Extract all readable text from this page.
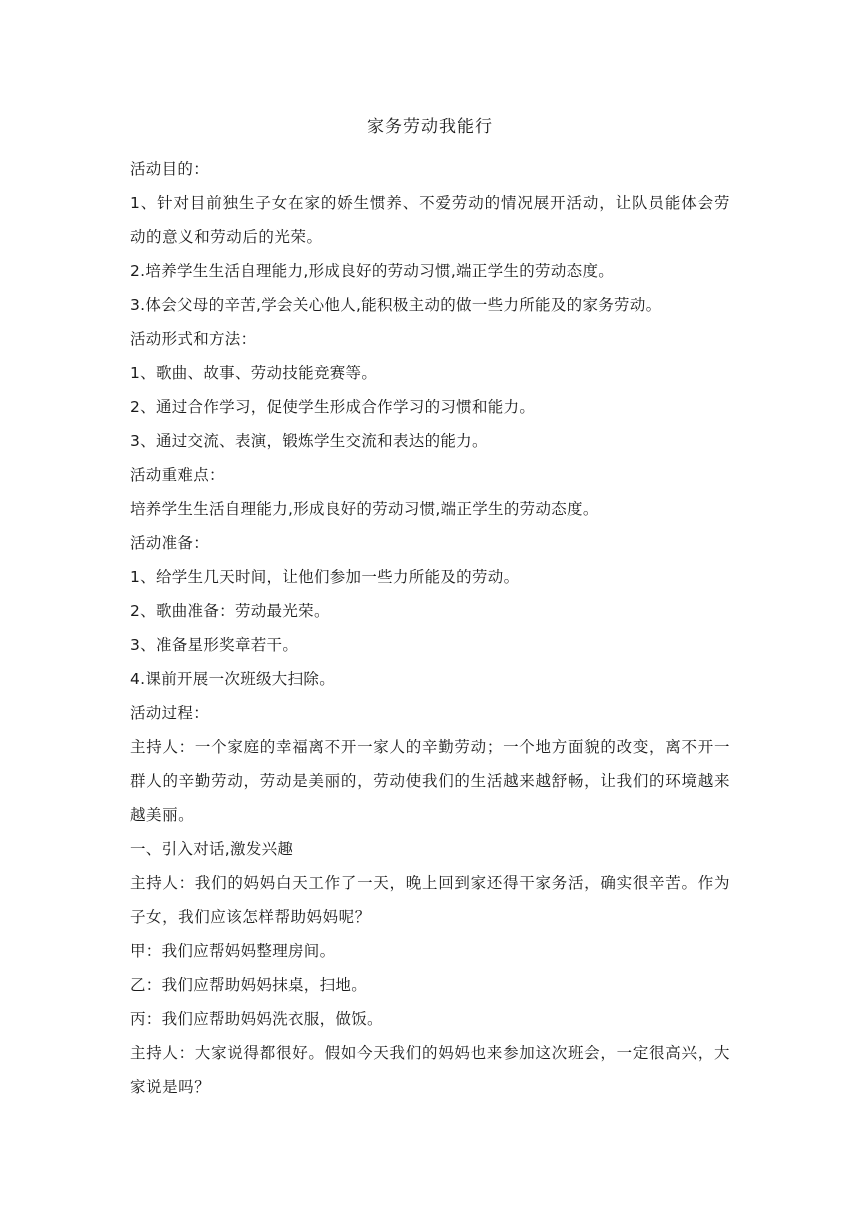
家务劳动我能行

活动目的：

1、针对目前独生子女在家的娇生惯养、不爱劳动的情况展开活动，让队员能体会劳动的意义和劳动后的光荣。

2.培养学生生活自理能力,形成良好的劳动习惯,端正学生的劳动态度。

3.体会父母的辛苦,学会关心他人,能积极主动的做一些力所能及的家务劳动。

活动形式和方法：

1、歌曲、故事、劳动技能竞赛等。

2、通过合作学习，促使学生形成合作学习的习惯和能力。

3、通过交流、表演，锻炼学生交流和表达的能力。

活动重难点：

培养学生生活自理能力,形成良好的劳动习惯,端正学生的劳动态度。

活动准备：

1、给学生几天时间，让他们参加一些力所能及的劳动。

2、歌曲准备：劳动最光荣。

3、准备星形奖章若干。

4.课前开展一次班级大扫除。

活动过程：

主持人：一个家庭的幸福离不开一家人的辛勤劳动；一个地方面貌的改变，离不开一群人的辛勤劳动，劳动是美丽的，劳动使我们的生活越来越舒畅，让我们的环境越来越美丽。

一、引入对话,激发兴趣

主持人：我们的妈妈白天工作了一天，晚上回到家还得干家务活，确实很辛苦。作为子女，我们应该怎样帮助妈妈呢？

甲：我们应帮妈妈整理房间。

乙：我们应帮助妈妈抹桌，扫地。

丙：我们应帮助妈妈洗衣服，做饭。

主持人：大家说得都很好。假如今天我们的妈妈也来参加这次班会，一定很高兴，大家说是吗？
